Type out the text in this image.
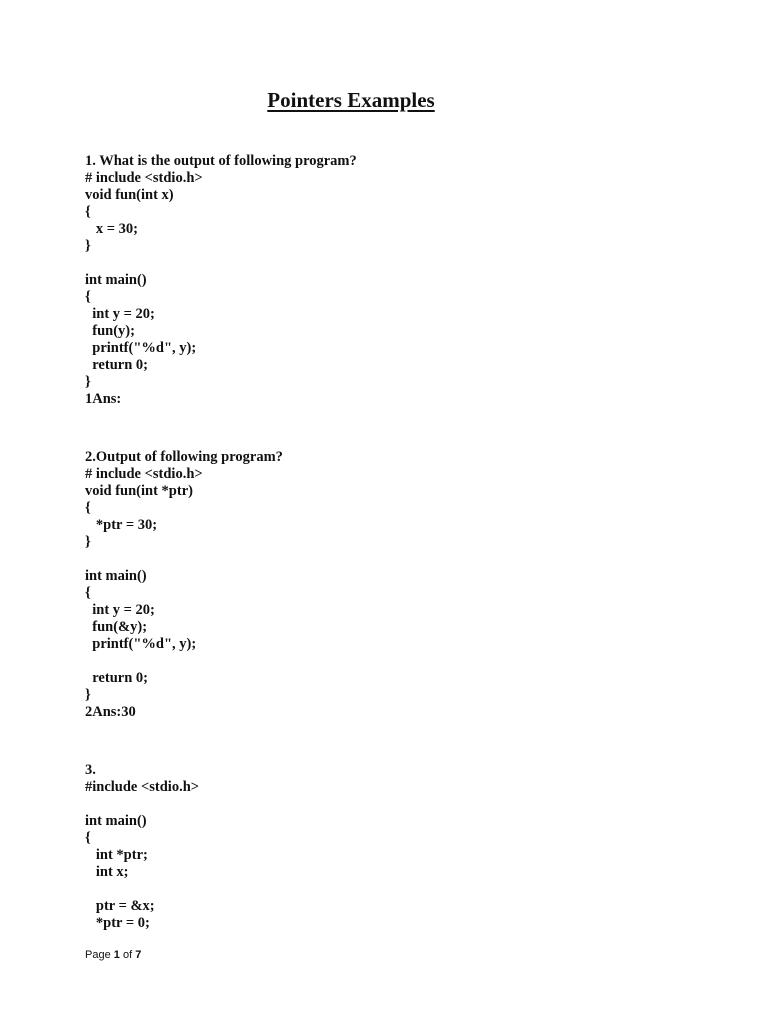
Pointers Examples
1. What is the output of following program?
# include <stdio.h>
void fun(int x)
{
x = 30;
}
int main()
{
int y = 20;
fun(y);
printf("%d", y);
return 0;
}
1Ans:
2.Output of following program?
# include <stdio.h>
void fun(int *ptr)
{
*ptr = 30;
}
int main()
{
int y = 20;
fun(&y);
printf("%d", y);
return 0;
}
2Ans:30
3.
#include <stdio.h>
int main()
{
int *ptr;
int x;
ptr = &x;
*ptr = 0;
Page 1 of 7
